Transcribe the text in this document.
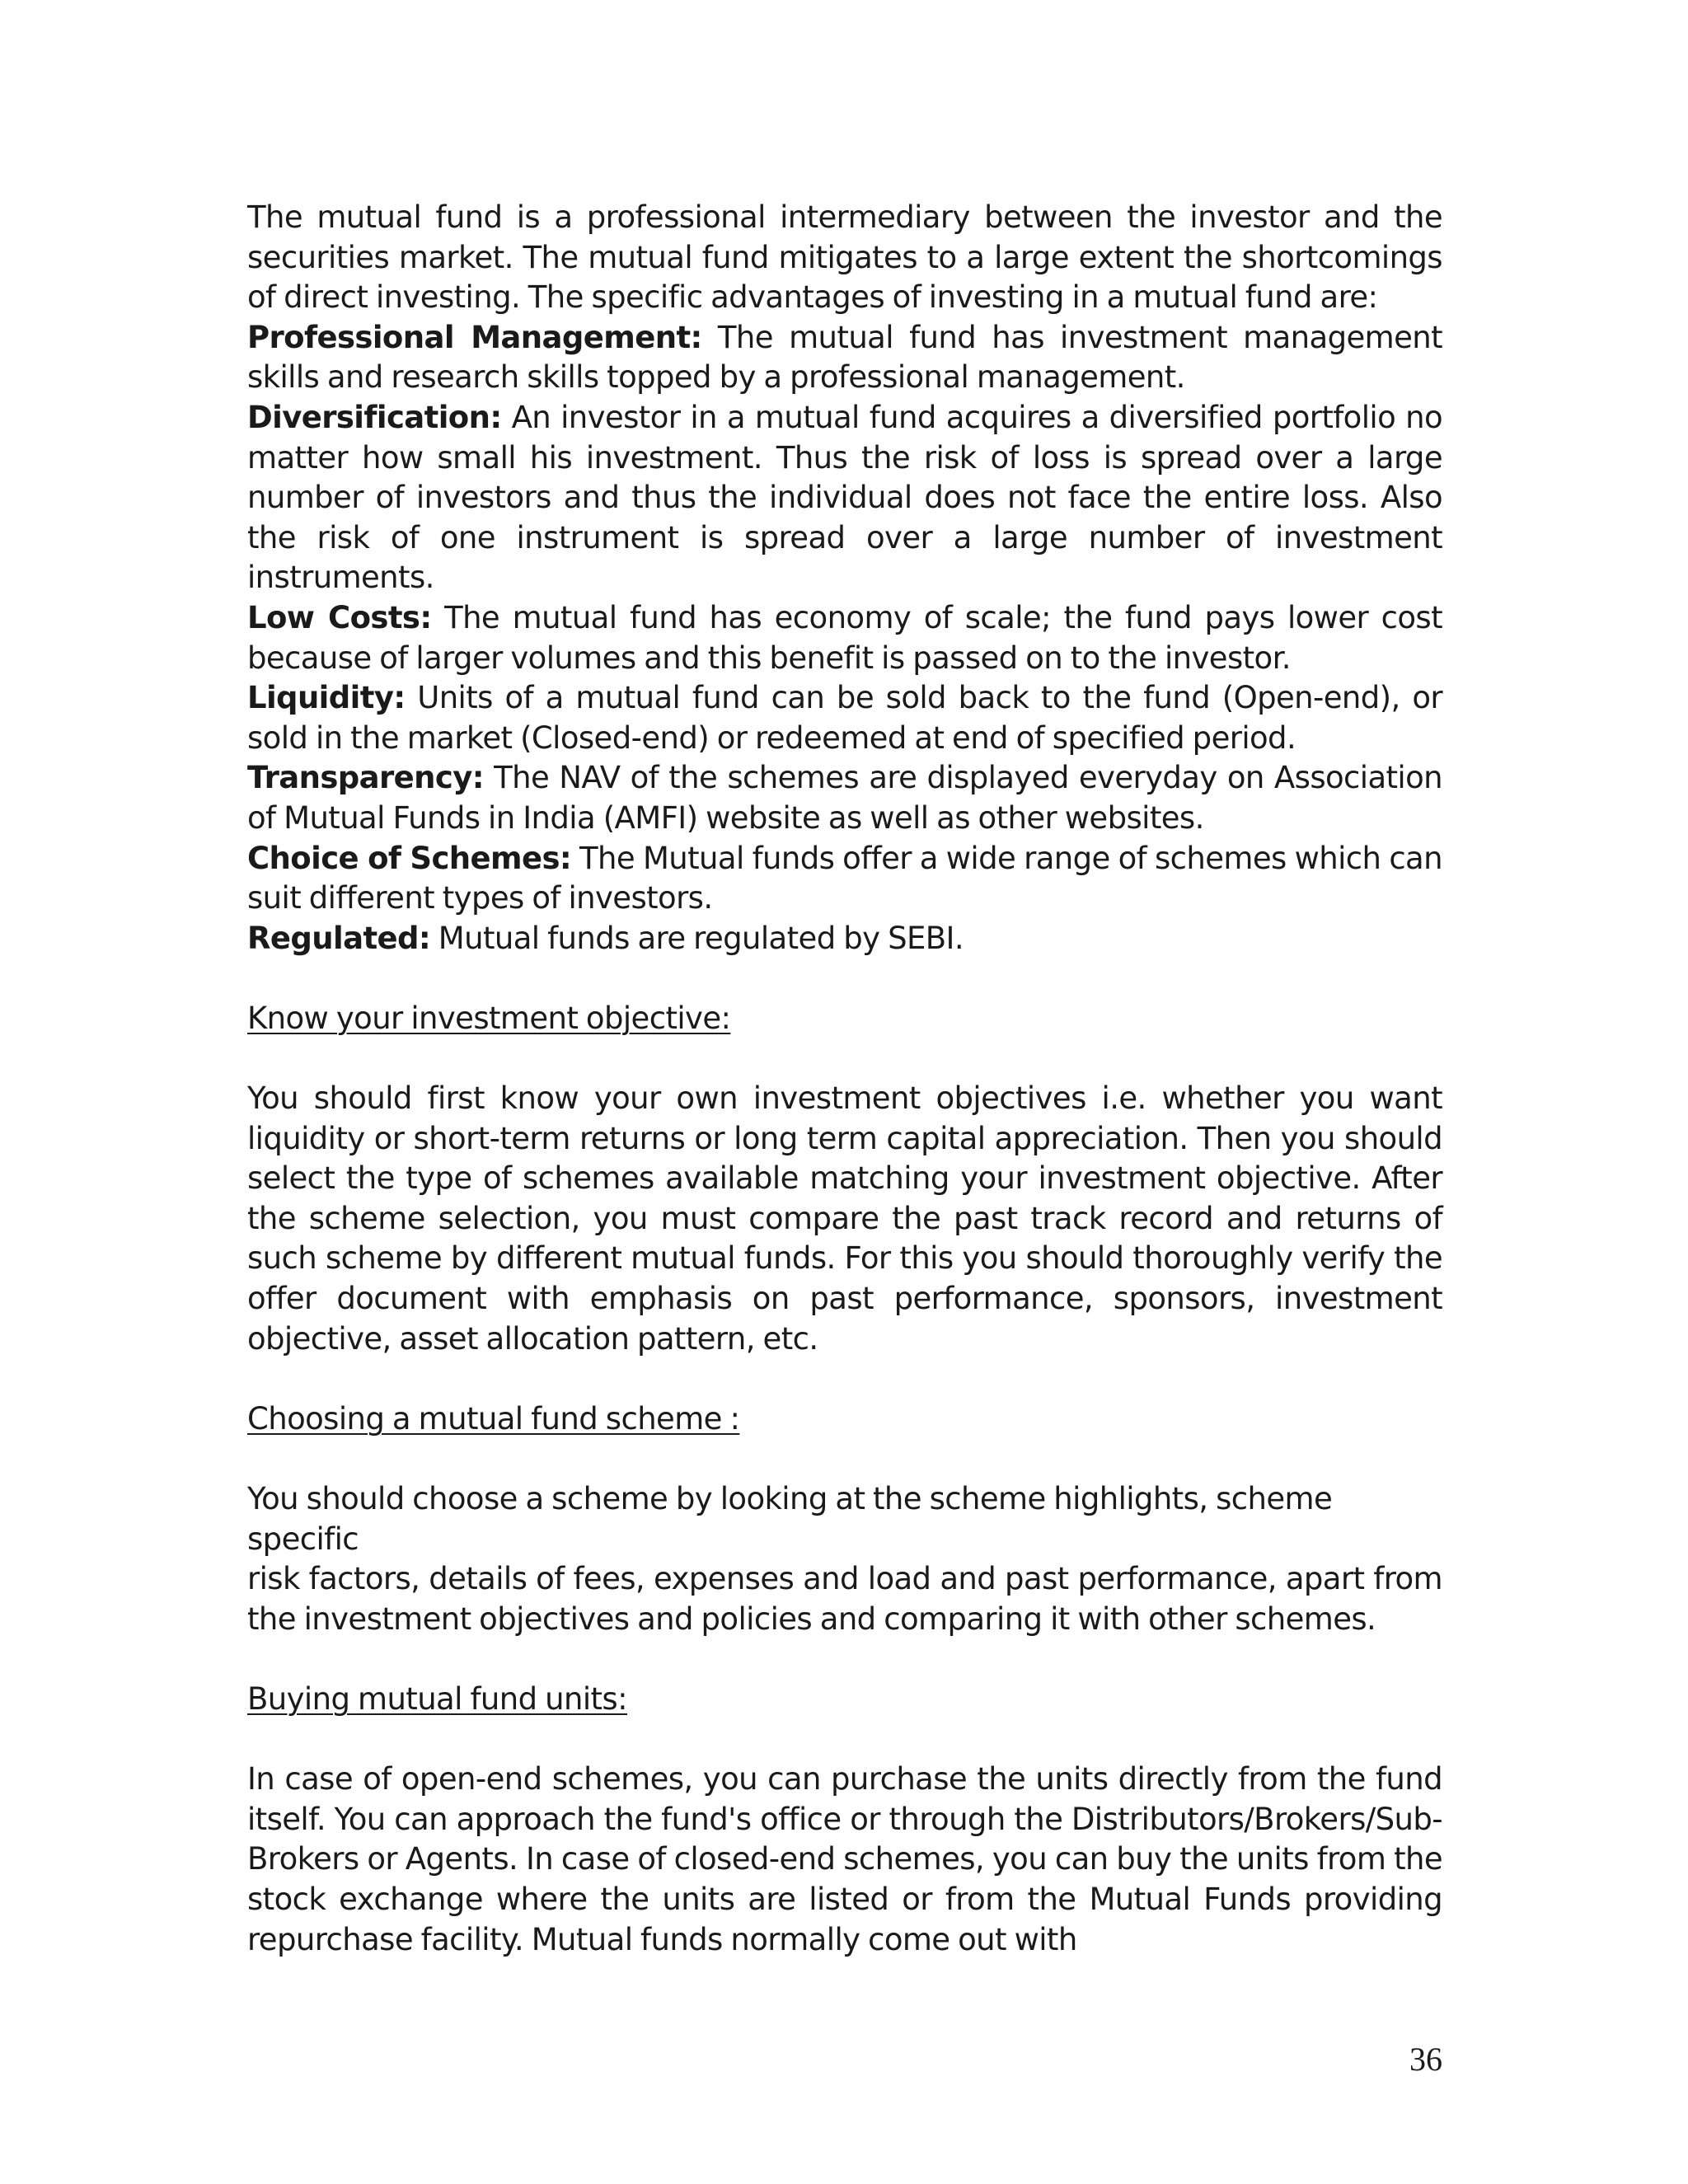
The mutual fund is a professional intermediary between the investor and the securities market. The mutual fund mitigates to a large extent the shortcomings of direct investing. The specific advantages of investing in a mutual fund are:

Professional Management: The mutual fund has investment management skills and research skills topped by a professional management.

Diversification: An investor in a mutual fund acquires a diversified portfolio no matter how small his investment. Thus the risk of loss is spread over a large number of investors and thus the individual does not face the entire loss. Also the risk of one instrument is spread over a large number of investment instruments.

Low Costs: The mutual fund has economy of scale; the fund pays lower cost because of larger volumes and this benefit is passed on to the investor.

Liquidity: Units of a mutual fund can be sold back to the fund (Open-end), or sold in the market (Closed-end) or redeemed at end of specified period.

Transparency: The NAV of the schemes are displayed everyday on Association of Mutual Funds in India (AMFI) website as well as other websites.

Choice of Schemes: The Mutual funds offer a wide range of schemes which can suit different types of investors.

Regulated: Mutual funds are regulated by SEBI.

Know your investment objective:

You should first know your own investment objectives i.e. whether you want liquidity or short-term returns or long term capital appreciation. Then you should select the type of schemes available matching your investment objective. After the scheme selection, you must compare the past track record and returns of such scheme by different mutual funds. For this you should thoroughly verify the offer document with emphasis on past performance, sponsors, investment objective, asset allocation pattern, etc.

Choosing a mutual fund scheme :

You should choose a scheme by looking at the scheme highlights, scheme specific

risk factors, details of fees, expenses and load and past performance, apart from the investment objectives and policies and comparing it with other schemes.

Buying mutual fund units:

In case of open-end schemes, you can purchase the units directly from the fund itself. You can approach the fund's office or through the Distributors/Brokers/Sub-Brokers or Agents. In case of closed-end schemes, you can buy the units from the stock exchange where the units are listed or from the Mutual Funds providing repurchase facility. Mutual funds normally come out with

36
